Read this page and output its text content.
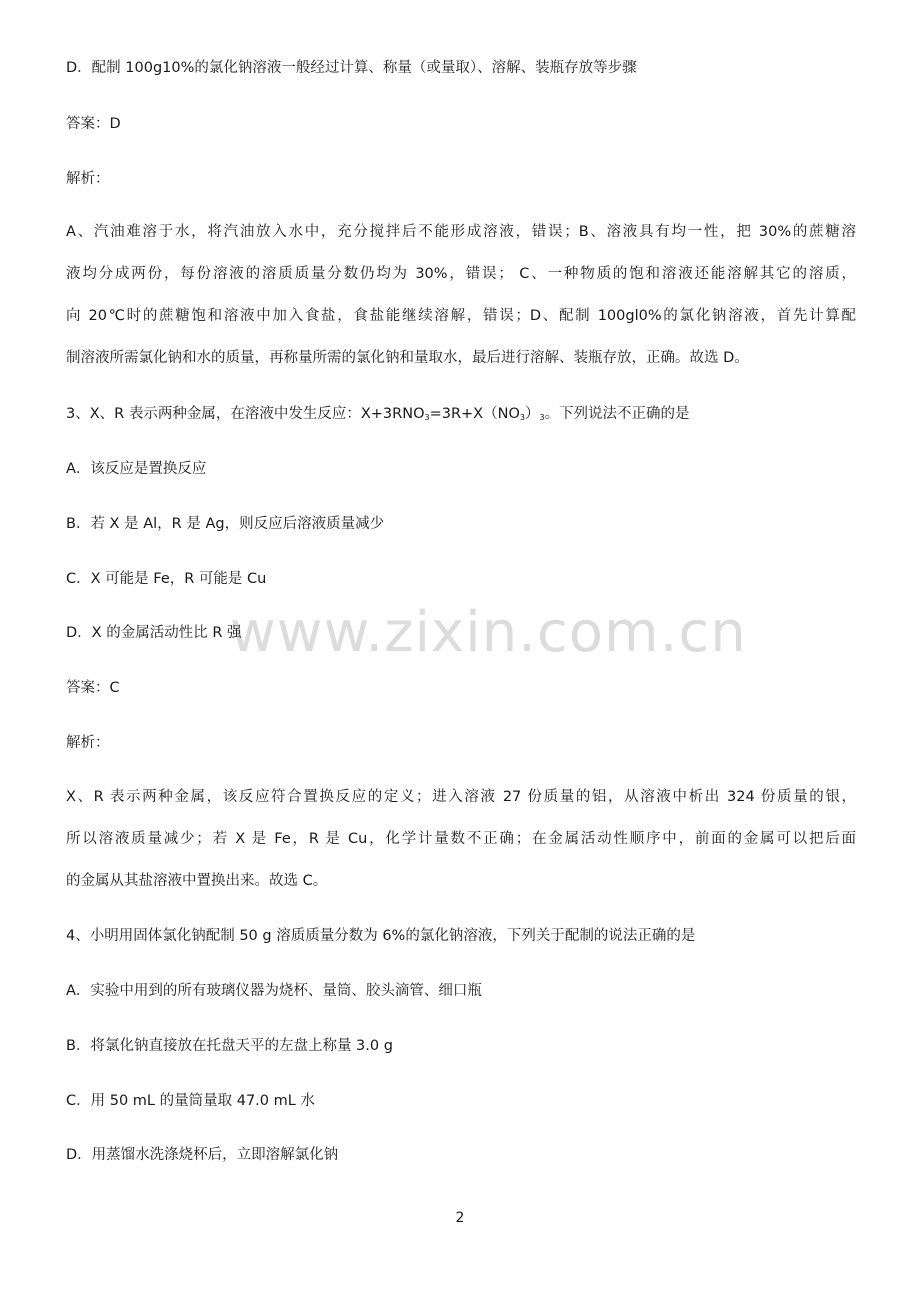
www.zixin.com.cn
D．配制 100g10%的氯化钠溶液一般经过计算、称量（或量取）、溶解、装瓶存放等步骤
答案：D
解析：
A、汽油难溶于水，将汽油放入水中，充分搅拌后不能形成溶液，错误；B、溶液具有均一性，把 30%的蔗糖溶
液均分成两份，每份溶液的溶质质量分数仍均为 30%，错误； C、一种物质的饱和溶液还能溶解其它的溶质，
向 20℃时的蔗糖饱和溶液中加入食盐，食盐能继续溶解，错误；D、配制 100gl0%的氯化钠溶液，首先计算配
制溶液所需氯化钠和水的质量，再称量所需的氯化钠和量取水，最后进行溶解、装瓶存放，正确。故选 D。
3、X、R 表示两种金属，在溶液中发生反应：$X+3RNO_3=3R+X(NO_3)_3$。下列说法不正确的是
A．该反应是置换反应
B．若 X 是 Al，R 是 Ag，则反应后溶液质量减少
C．X 可能是 Fe，R 可能是 Cu
D．X 的金属活动性比 R 强
答案：C
解析：
X、R 表示两种金属，该反应符合置换反应的定义；进入溶液 27 份质量的铝，从溶液中析出 324 份质量的银，
所以溶液质量减少；若 X 是 Fe，R 是 Cu，化学计量数不正确；在金属活动性顺序中，前面的金属可以把后面
的金属从其盐溶液中置换出来。故选 C。
4、小明用固体氯化钠配制 50 g 溶质质量分数为 6%的氯化钠溶液，下列关于配制的说法正确的是
A．实验中用到的所有玻璃仪器为烧杯、量筒、胶头滴管、细口瓶
B．将氯化钠直接放在托盘天平的左盘上称量 3.0 g
C．用 50 mL 的量筒量取 47.0 mL 水
D．用蒸馏水洗涤烧杯后，立即溶解氯化钠
2
